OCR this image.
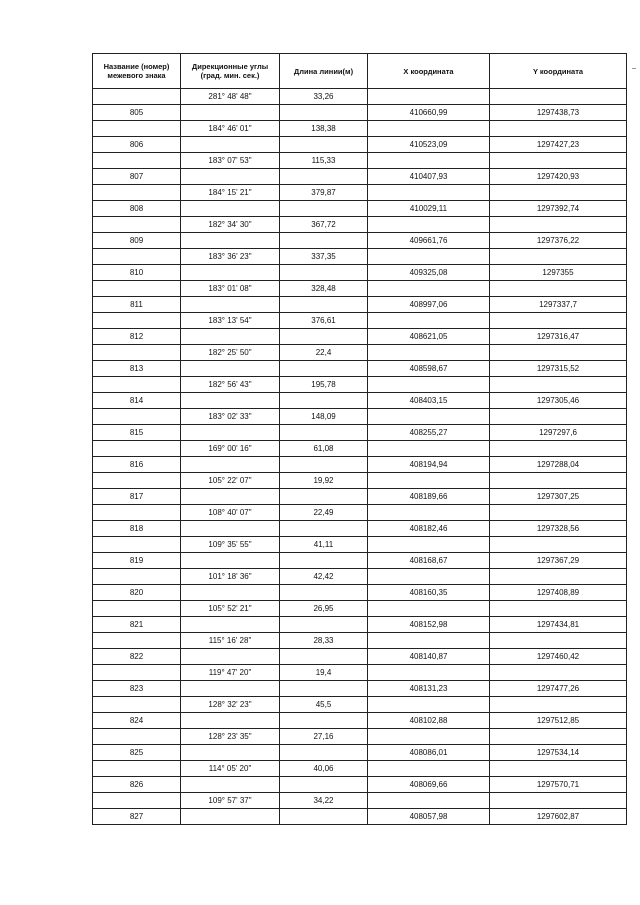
Название (номер) межевого знака	Дирекционные углы (град. мин. сек.)	Длина линии(м)	X координата	Y координата
	281° 48' 48"	33,26		
805			410660,99	1297438,73
	184° 46' 01"	138,38		
806			410523,09	1297427,23
	183° 07' 53"	115,33		
807			410407,93	1297420,93
	184° 15' 21"	379,87		
808			410029,11	1297392,74
	182° 34' 30"	367,72		
809			409661,76	1297376,22
	183° 36' 23"	337,35		
810			409325,08	1297355
	183° 01' 08"	328,48		
811			408997,06	1297337,7
	183° 13' 54"	376,61		
812			408621,05	1297316,47
	182° 25' 50"	22,4		
813			408598,67	1297315,52
	182° 56' 43"	195,78		
814			408403,15	1297305,46
	183° 02' 33"	148,09		
815			408255,27	1297297,6
	169° 00' 16"	61,08		
816			408194,94	1297288,04
	105° 22' 07"	19,92		
817			408189,66	1297307,25
	108° 40' 07"	22,49		
818			408182,46	1297328,56
	109° 35' 55"	41,11		
819			408168,67	1297367,29
	101° 18' 36"	42,42		
820			408160,35	1297408,89
	105° 52' 21"	26,95		
821			408152,98	1297434,81
	115° 16' 28"	28,33		
822			408140,87	1297460,42
	119° 47' 20"	19,4		
823			408131,23	1297477,26
	128° 32' 23"	45,5		
824			408102,88	1297512,85
	128° 23' 35"	27,16		
825			408086,01	1297534,14
	114° 05' 20"	40,06		
826			408069,66	1297570,71
	109° 57' 37"	34,22		
827			408057,98	1297602,87
